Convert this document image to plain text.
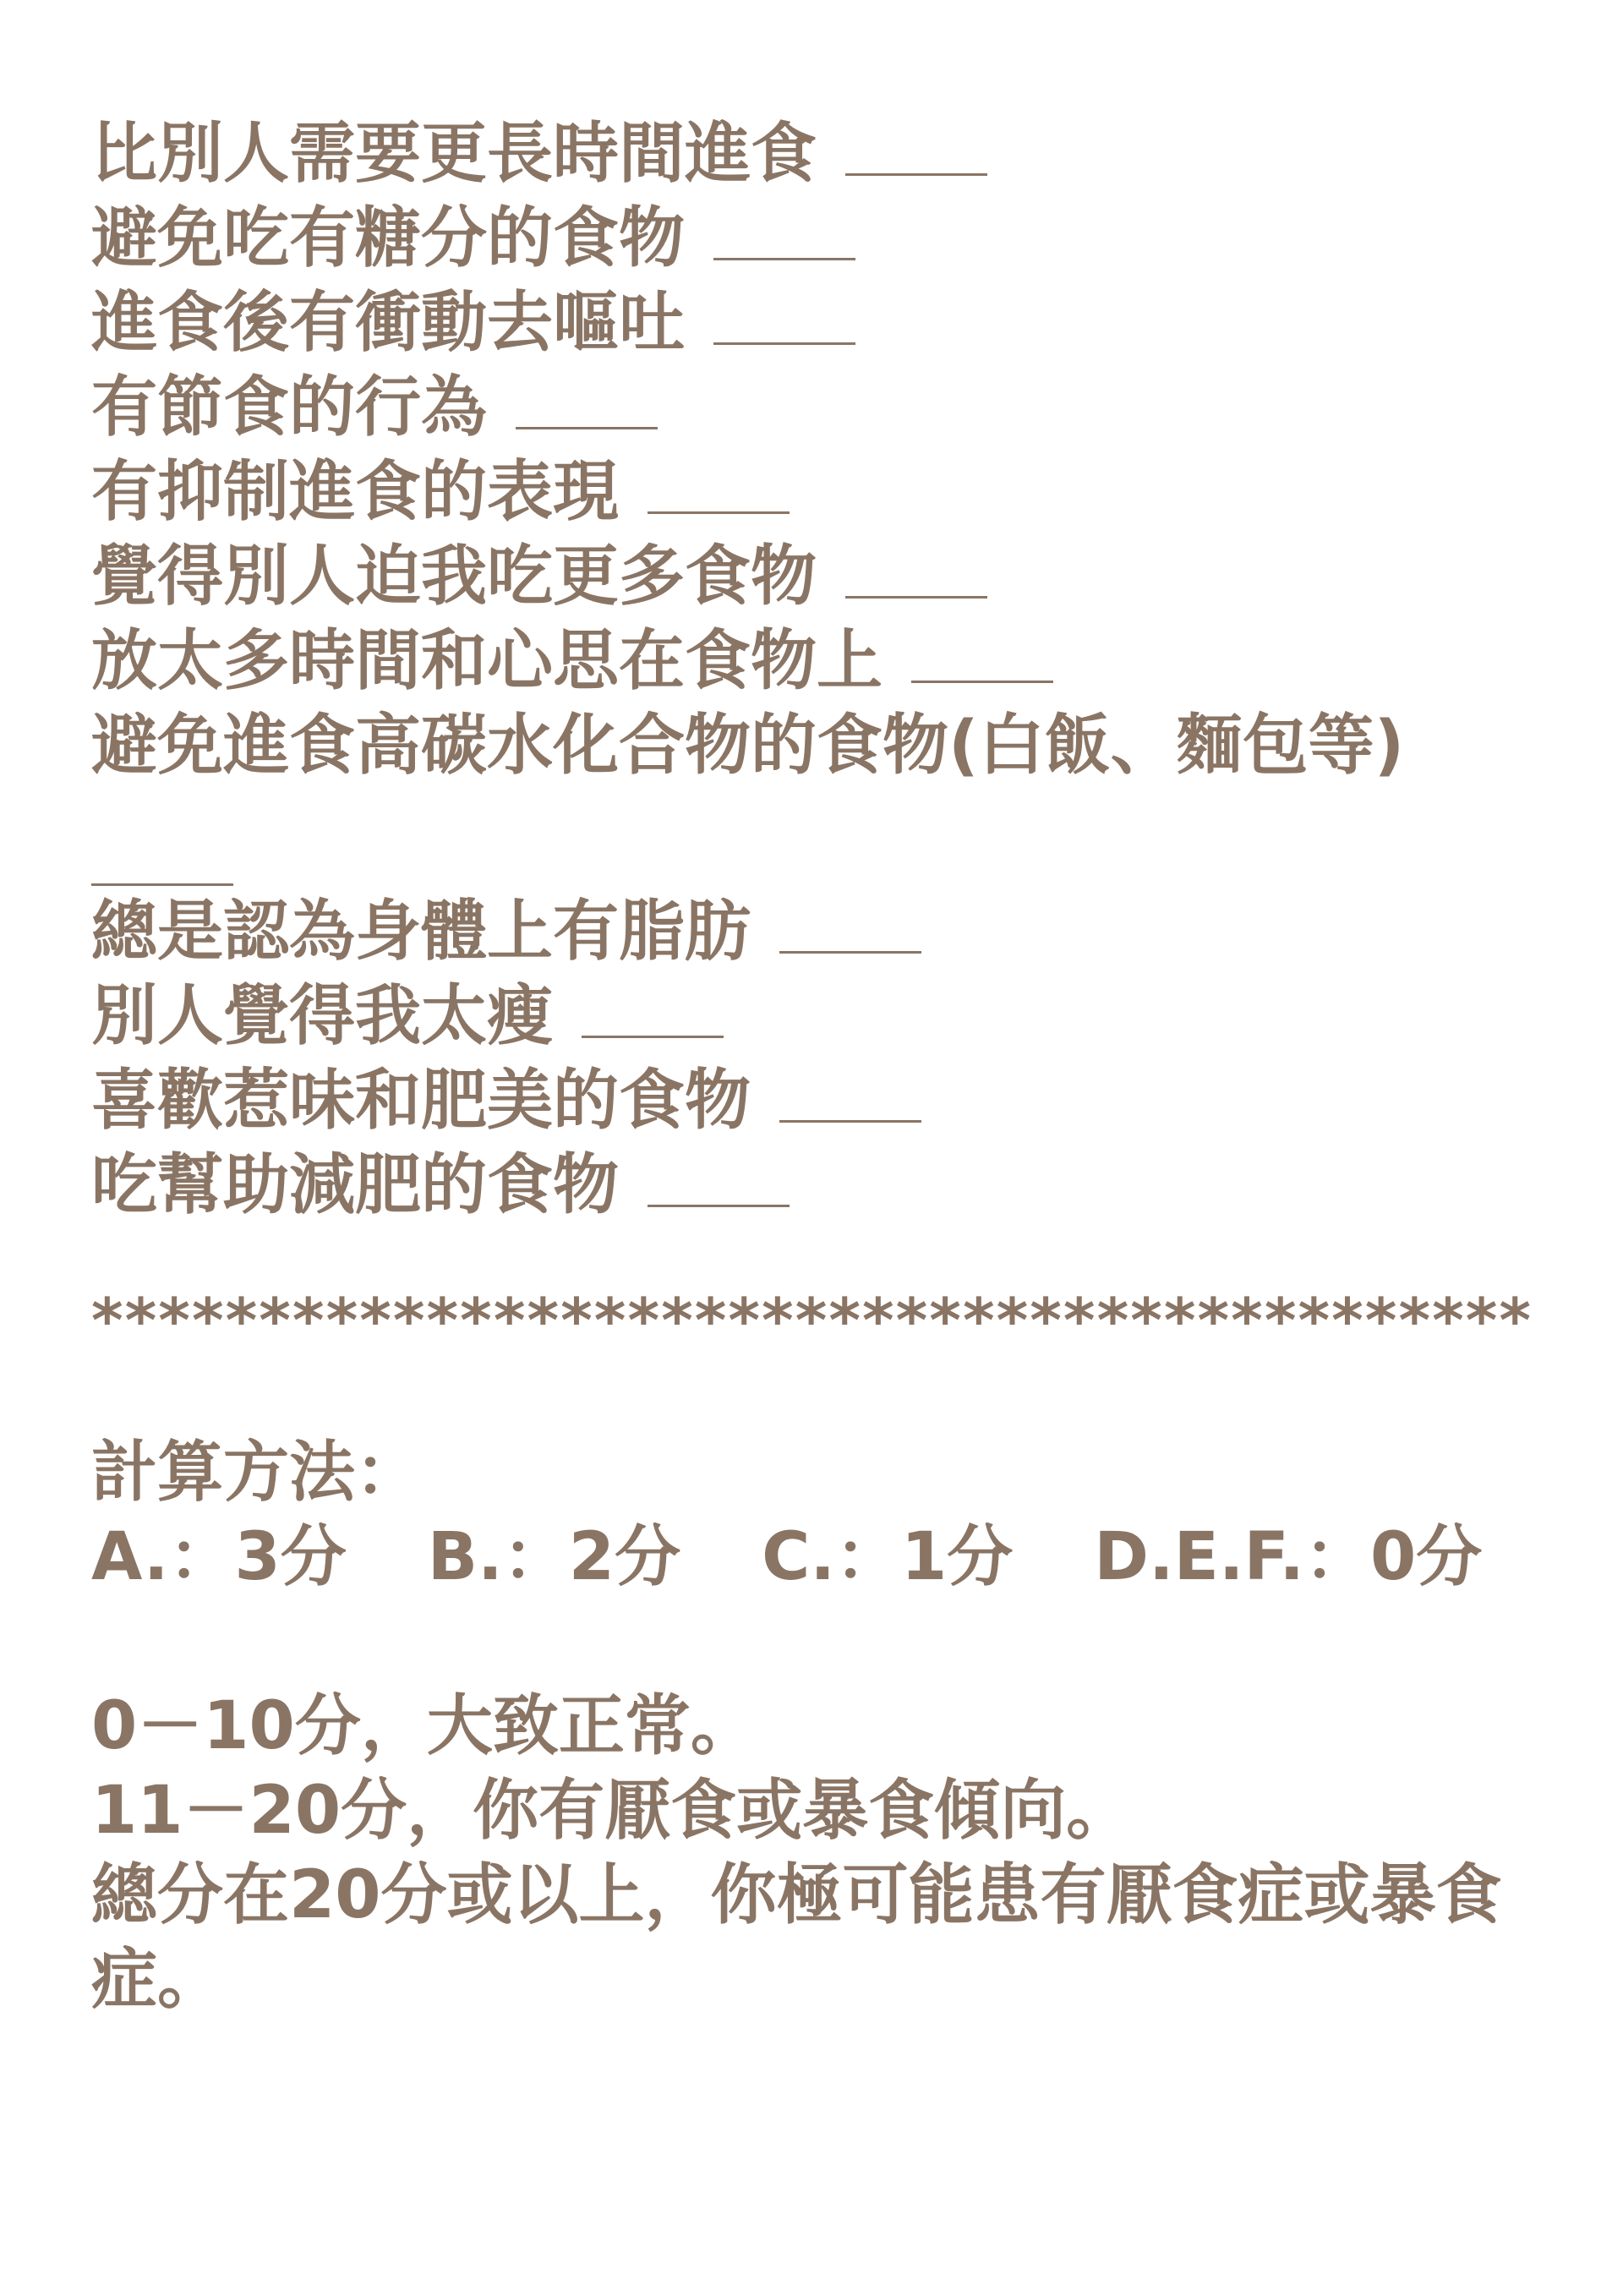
比別人需要更長時間進食
避免吃有糖分的食物
進食後有衝動去嘔吐
有節食的行為
有抑制進食的表現
覺得別人迫我吃更多食物
放太多時間和心思在食物上
避免進食高碳水化合物的食物(白飯、麵包等)
總是認為身體上有脂肪
別人覺得我太瘦
喜歡惹味和肥美的食物
吃幫助減肥的食物
*******************************************
計算方法：
A.：3分 B.：2分 C.：1分 D.E.F.：0分
0－10分，大致正常。
11－20分，你有厭食或暴食傾向。
總分在20分或以上，你極可能患有厭食症或暴食症。
